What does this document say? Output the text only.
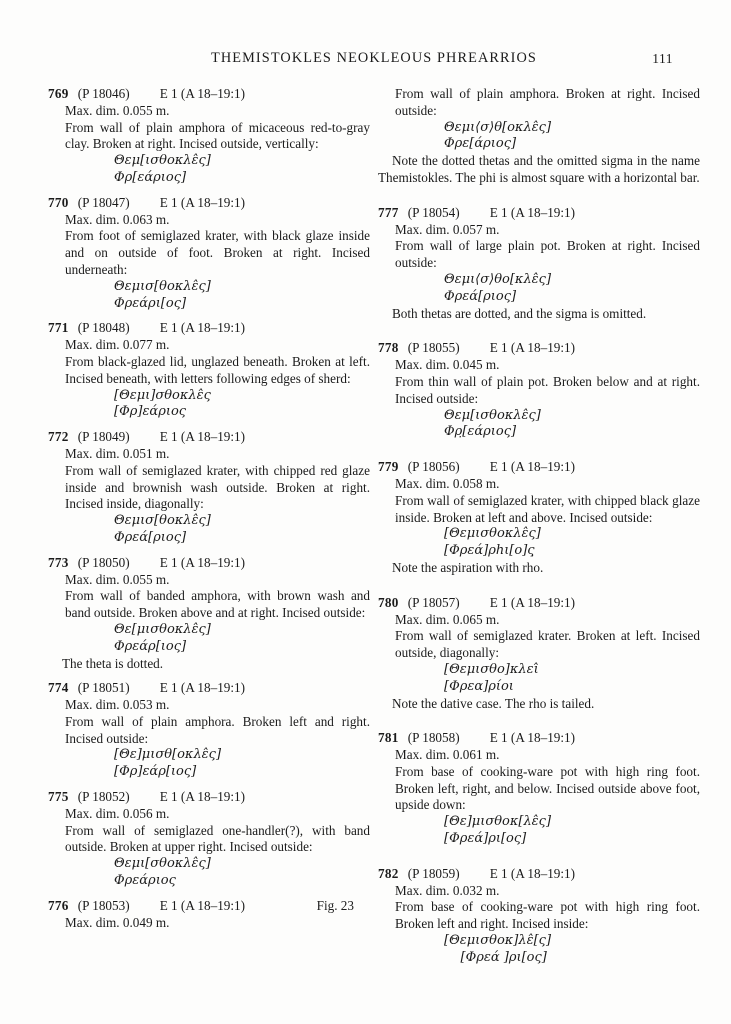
THEMISTOKLES NEOKLEOUS PHREARRIOS	111
769 (P 18046)	E 1 (A 18–19:1)
Max. dim. 0.055 m.
From wall of plain amphora of micaceous red-to-gray clay. Broken at right. Incised outside, vertically:
Θεμ[ισθοκλε̂ς]
Φρ[εάριος]
770 (P 18047)	E 1 (A 18–19:1)
Max. dim. 0.063 m.
From foot of semiglazed krater, with black glaze inside and on outside of foot. Broken at right. Incised underneath:
Θεμισ[θοκλε̂ς]
Φρεάρι[ος]
771 (P 18048)	E 1 (A 18–19:1)
Max. dim. 0.077 m.
From black-glazed lid, unglazed beneath. Broken at left. Incised beneath, with letters following edges of sherd:
[Θεμι]σθοκλε̂ς
[Φρ]εάριος
772 (P 18049)	E 1 (A 18–19:1)
Max. dim. 0.051 m.
From wall of semiglazed krater, with chipped red glaze inside and brownish wash outside. Broken at right. Incised inside, diagonally:
Θεμισ[θοκλε̂ς]
Φρεά[ριος]
773 (P 18050)	E 1 (A 18–19:1)
Max. dim. 0.055 m.
From wall of banded amphora, with brown wash and band outside. Broken above and at right. Incised outside:
Θε[μισθοκλε̂ς]
Φρεάρ[ιος]
The theta is dotted.
774 (P 18051)	E 1 (A 18–19:1)
Max. dim. 0.053 m.
From wall of plain amphora. Broken left and right. Incised outside:
[Θε]μισθ[οκλε̂ς]
[Φρ]εάρ[ιος]
775 (P 18052)	E 1 (A 18–19:1)
Max. dim. 0.056 m.
From wall of semiglazed one-handler(?), with band outside. Broken at upper right. Incised outside:
Θεμι[σθοκλε̂ς]
Φρεάριος
776 (P 18053)	E 1 (A 18–19:1)	Fig. 23
Max. dim. 0.049 m.
From wall of plain amphora. Broken at right. Incised outside:
Θεμι⟨σ⟩θ[οκλε̂ς]
Φρε[άριος]
Note the dotted thetas and the omitted sigma in the name Themistokles. The phi is almost square with a horizontal bar.
777 (P 18054)	E 1 (A 18–19:1)
Max. dim. 0.057 m.
From wall of large plain pot. Broken at right. Incised outside:
Θεμι⟨σ⟩θο[κλε̂ς]
Φρεά[ριος]
Both thetas are dotted, and the sigma is omitted.
778 (P 18055)	E 1 (A 18–19:1)
Max. dim. 0.045 m.
From thin wall of plain pot. Broken below and at right. Incised outside:
Θεμ[ισθοκλε̂ς]
Φρ̣[εάριος]
779 (P 18056)	E 1 (A 18–19:1)
Max. dim. 0.058 m.
From wall of semiglazed krater, with chipped black glaze inside. Broken at left and above. Incised outside:
[Θεμισθοκλε̂ς]
[Φρεά]ρhι[ο]ς̣
Note the aspiration with rho.
780 (P 18057)	E 1 (A 18–19:1)
Max. dim. 0.065 m.
From wall of semiglazed krater. Broken at left. Incised outside, diagonally:
[Θεμισθο]κλει̂
[Φρεα]ρίοι
Note the dative case. The rho is tailed.
781 (P 18058)	E 1 (A 18–19:1)
Max. dim. 0.061 m.
From base of cooking-ware pot with high ring foot. Broken left, right, and below. Incised outside above foot, upside down:
[Θε]μισθοκ[λε̂ς]
[Φρεά]ρι[ος]
782 (P 18059)	E 1 (A 18–19:1)
Max. dim. 0.032 m.
From base of cooking-ware pot with high ring foot. Broken left and right. Incised inside:
[Θεμισθοκ]λε̂[ς]
[Φρεά ]ρι[ος]
